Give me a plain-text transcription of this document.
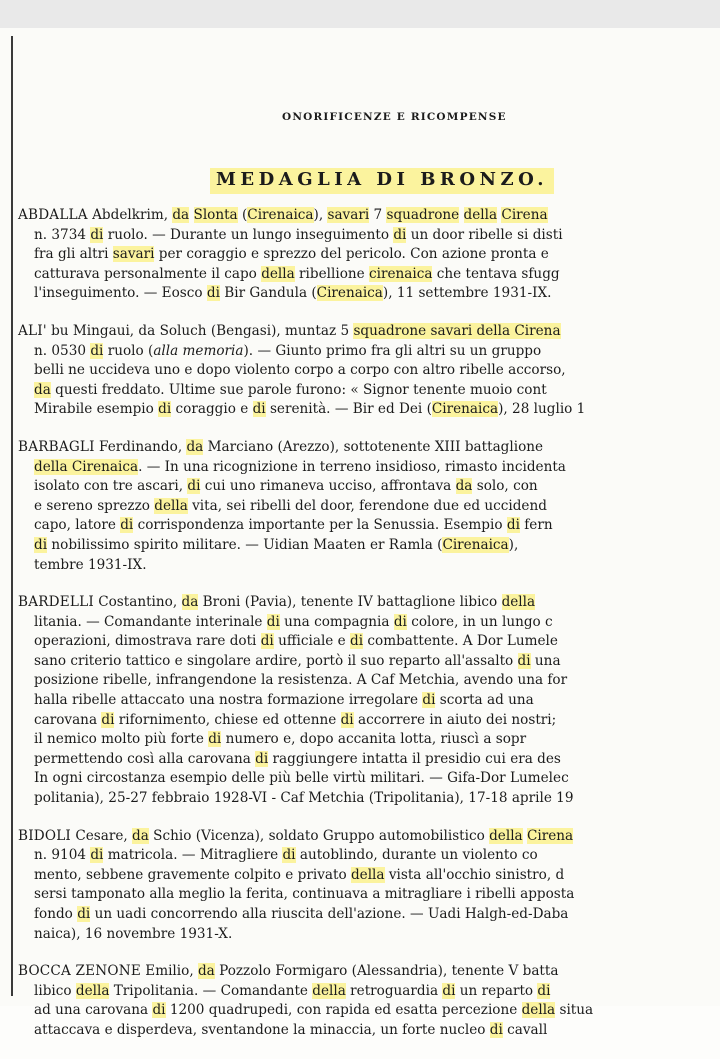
ONORIFICENZE E RICOMPENSE
MEDAGLIA DI BRONZO.
ABDALLA Abdelkrim, da Slonta (Cirenaica), savari 7 squadrone della Cirena
n. 3734 di ruolo. — Durante un lungo inseguimento di un door ribelle si disti
fra gli altri savari per coraggio e sprezzo del pericolo. Con azione pronta e
catturava personalmente il capo della ribellione cirenaica che tentava sfugg
l'inseguimento. — Eosco di Bir Gandula (Cirenaica), 11 settembre 1931-IX.
ALI' bu Mingaui, da Soluch (Bengasi), muntaz 5 squadrone savari della Cirena
n. 0530 di ruolo (alla memoria). — Giunto primo fra gli altri su un gruppo
belli ne uccideva uno e dopo violento corpo a corpo con altro ribelle accorso,
da questi freddato. Ultime sue parole furono: « Signor tenente muoio cont
Mirabile esempio di coraggio e di serenità. — Bir ed Dei (Cirenaica), 28 luglio 1
BARBAGLI Ferdinando, da Marciano (Arezzo), sottotenente XIII battaglione
della Cirenaica. — In una ricognizione in terreno insidioso, rimasto incidenta
isolato con tre ascari, di cui uno rimaneva ucciso, affrontava da solo, con
e sereno sprezzo della vita, sei ribelli del door, ferendone due ed uccidend
capo, latore di corrispondenza importante per la Senussia. Esempio di fern
di nobilissimo spirito militare. — Uidian Maaten er Ramla (Cirenaica),
tembre 1931-IX.
BARDELLI Costantino, da Broni (Pavia), tenente IV battaglione libico della
litania. — Comandante interinale di una compagnia di colore, in un lungo c
operazioni, dimostrava rare doti di ufficiale e di combattente. A Dor Lumele
sano criterio tattico e singolare ardire, portò il suo reparto all'assalto di una
posizione ribelle, infrangendone la resistenza. A Caf Metchia, avendo una for
halla ribelle attaccato una nostra formazione irregolare di scorta ad una
carovana di rifornimento, chiese ed ottenne di accorrere in aiuto dei nostri;
il nemico molto più forte di numero e, dopo accanita lotta, riuscì a sopr
permettendo così alla carovana di raggiungere intatta il presidio cui era des
In ogni circostanza esempio delle più belle virtù militari. — Gifa-Dor Lumelec
politania), 25-27 febbraio 1928-VI - Caf Metchia (Tripolitania), 17-18 aprile 19
BIDOLI Cesare, da Schio (Vicenza), soldato Gruppo automobilistico della Cirena
n. 9104 di matricola. — Mitragliere di autoblindo, durante un violento co
mento, sebbene gravemente colpito e privato della vista all'occhio sinistro, d
sersi tamponato alla meglio la ferita, continuava a mitragliare i ribelli apposta
fondo di un uadi concorrendo alla riuscita dell'azione. — Uadi Halgh-ed-Daba
naica), 16 novembre 1931-X.
BOCCA ZENONE Emilio, da Pozzolo Formigaro (Alessandria), tenente V batta
libico della Tripolitania. — Comandante della retroguardia di un reparto di
ad una carovana di 1200 quadrupedi, con rapida ed esatta percezione della situa
attaccava e disperdeva, sventandone la minaccia, un forte nucleo di cavall
